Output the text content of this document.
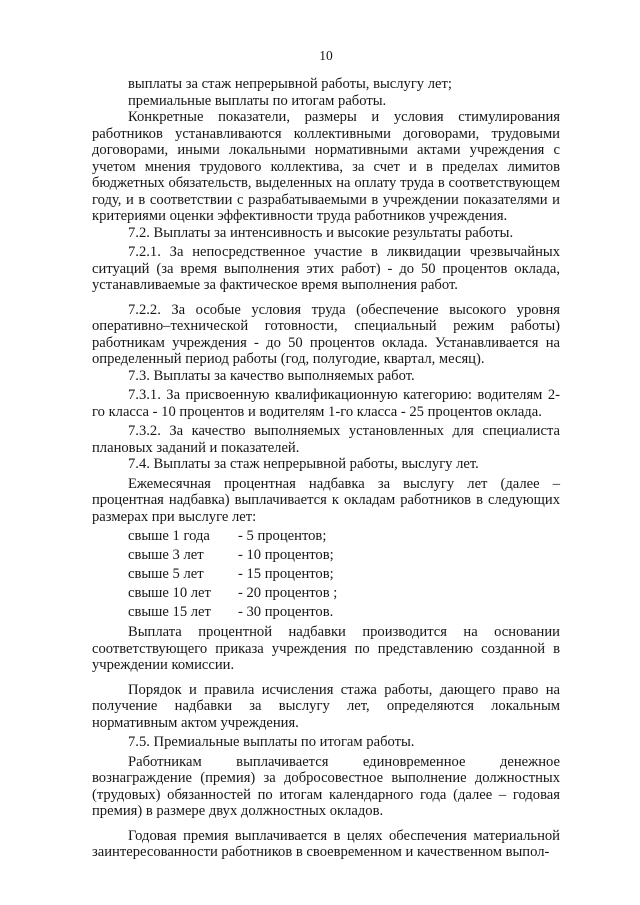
10

выплаты за стаж непрерывной работы, выслугу лет;

премиальные выплаты по итогам работы.

Конкретные показатели, размеры и условия стимулирования работников устанавливаются коллективными договорами, трудовыми договорами, иными локальными нормативными актами учреждения с учетом мнения трудового коллектива, за счет и в пределах лимитов бюджетных обязательств, выделенных на оплату труда в соответствующем году, и в соответствии с разрабатываемыми в учреждении показателями и критериями оценки эффективности труда работников учреждения.

7.2. Выплаты за интенсивность и высокие результаты работы.

7.2.1. За непосредственное участие в ликвидации чрезвычайных ситуаций (за время выполнения этих работ) - до 50 процентов оклада, устанавливаемые за фактическое время выполнения работ.

7.2.2. За особые условия труда (обеспечение высокого уровня оперативно–технической готовности, специальный режим работы) работникам учреждения - до 50 процентов оклада. Устанавливается на определенный период работы (год, полугодие, квартал, месяц).

7.3. Выплаты за качество выполняемых работ.

7.3.1. За присвоенную квалификационную категорию: водителям 2-го класса - 10 процентов и водителям 1-го класса - 25 процентов оклада.

7.3.2. За качество выполняемых установленных для специалиста плановых заданий и показателей.

7.4. Выплаты за стаж непрерывной работы, выслугу лет.

Ежемесячная процентная надбавка за выслугу лет (далее – процентная надбавка) выплачивается к окладам работников в следующих размерах при выслуге лет:

свыше 1 года	- 5 процентов;
свыше 3 лет	- 10 процентов;
свыше 5 лет	- 15 процентов;
свыше 10 лет	- 20 процентов ;
свыше 15 лет	- 30 процентов.

Выплата процентной надбавки производится на основании соответствующего приказа учреждения по представлению созданной в учреждении комиссии.

Порядок и правила исчисления стажа работы, дающего право на получение надбавки за выслугу лет, определяются локальным нормативным актом учреждения.

7.5. Премиальные выплаты по итогам работы.

Работникам выплачивается единовременное денежное вознаграждение (премия) за добросовестное выполнение должностных (трудовых) обязанностей по итогам календарного года (далее – годовая премия) в размере двух должностных окладов.

Годовая премия выплачивается в целях обеспечения материальной заинтересованности работников в своевременном и качественном выпол-
